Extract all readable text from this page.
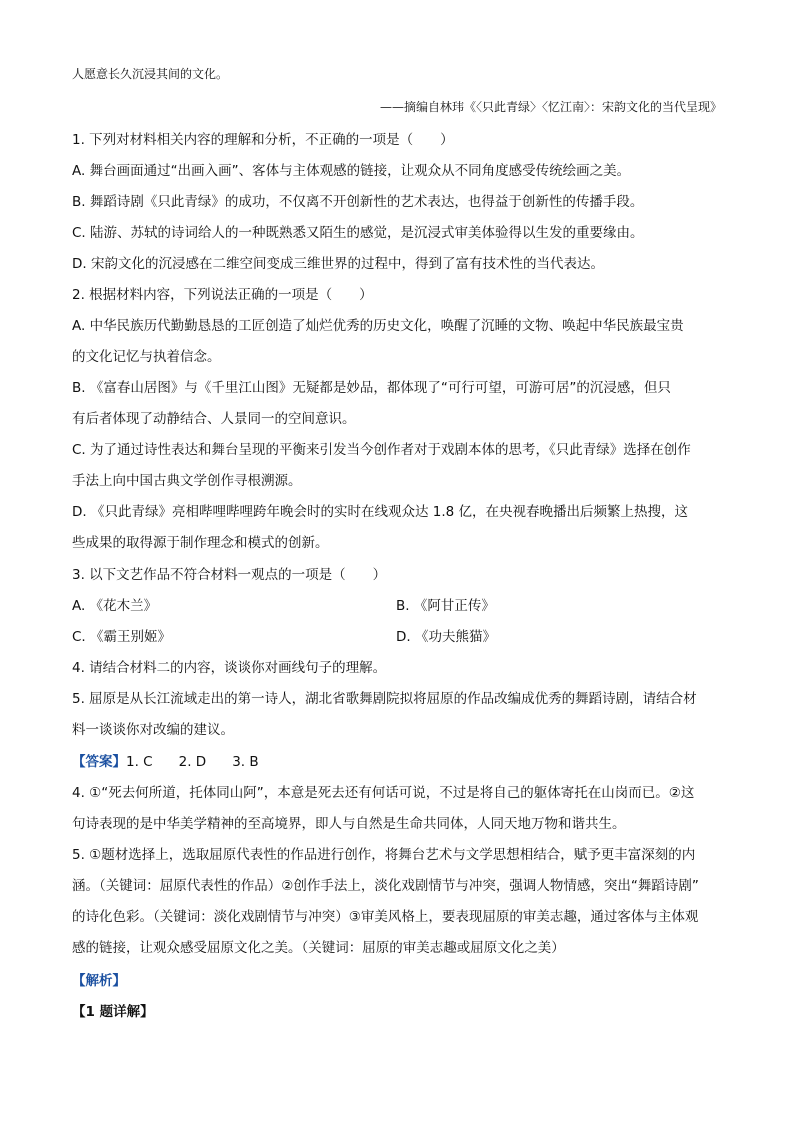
人愿意长久沉浸其间的文化。
——摘编自林玮《〈只此青绿〉〈忆江南〉：宋韵文化的当代呈现》
1. 下列对材料相关内容的理解和分析，不正确的一项是（　　）
A. 舞台画面通过“出画入画”、客体与主体观感的链接，让观众从不同角度感受传统绘画之美。
B. 舞蹈诗剧《只此青绿》的成功，不仅离不开创新性的艺术表达，也得益于创新性的传播手段。
C. 陆游、苏轼的诗词给人的一种既熟悉又陌生的感觉，是沉浸式审美体验得以生发的重要缘由。
D. 宋韵文化的沉浸感在二维空间变成三维世界的过程中，得到了富有技术性的当代表达。
2. 根据材料内容，下列说法正确的一项是（　　）
A. 中华民族历代勤勤恳恳的工匠创造了灿烂优秀的历史文化，唤醒了沉睡的文物、唤起中华民族最宝贵
的文化记忆与执着信念。
B. 《富春山居图》与《千里江山图》无疑都是妙品，都体现了“可行可望，可游可居”的沉浸感，但只
有后者体现了动静结合、人景同一的空间意识。
C. 为了通过诗性表达和舞台呈现的平衡来引发当今创作者对于戏剧本体的思考，《只此青绿》选择在创作
手法上向中国古典文学创作寻根溯源。
D. 《只此青绿》亮相哔哩哔哩跨年晚会时的实时在线观众达 1.8 亿，在央视春晚播出后频繁上热搜，这
些成果的取得源于制作理念和模式的创新。
3. 以下文艺作品不符合材料一观点的一项是（　　）
A. 《花木兰》	B. 《阿甘正传》
C. 《霸王别姬》	D. 《功夫熊猫》
4. 请结合材料二的内容，谈谈你对画线句子的理解。
5. 屈原是从长江流域走出的第一诗人，湖北省歌舞剧院拟将屈原的作品改编成优秀的舞蹈诗剧，请结合材
料一谈谈你对改编的建议。
【答案】1. C 2. D 3. B
4. ①“死去何所道，托体同山阿”，本意是死去还有何话可说，不过是将自己的躯体寄托在山岗而已。②这
句诗表现的是中华美学精神的至高境界，即人与自然是生命共同体，人同天地万物和谐共生。
5. ①题材选择上，选取屈原代表性的作品进行创作，将舞台艺术与文学思想相结合，赋予更丰富深刻的内
涵。（关键词：屈原代表性的作品）②创作手法上，淡化戏剧情节与冲突，强调人物情感，突出“舞蹈诗剧”
的诗化色彩。（关键词：淡化戏剧情节与冲突）③审美风格上，要表现屈原的审美志趣，通过客体与主体观
感的链接，让观众感受屈原文化之美。（关键词：屈原的审美志趣或屈原文化之美）
【解析】
【1 题详解】
